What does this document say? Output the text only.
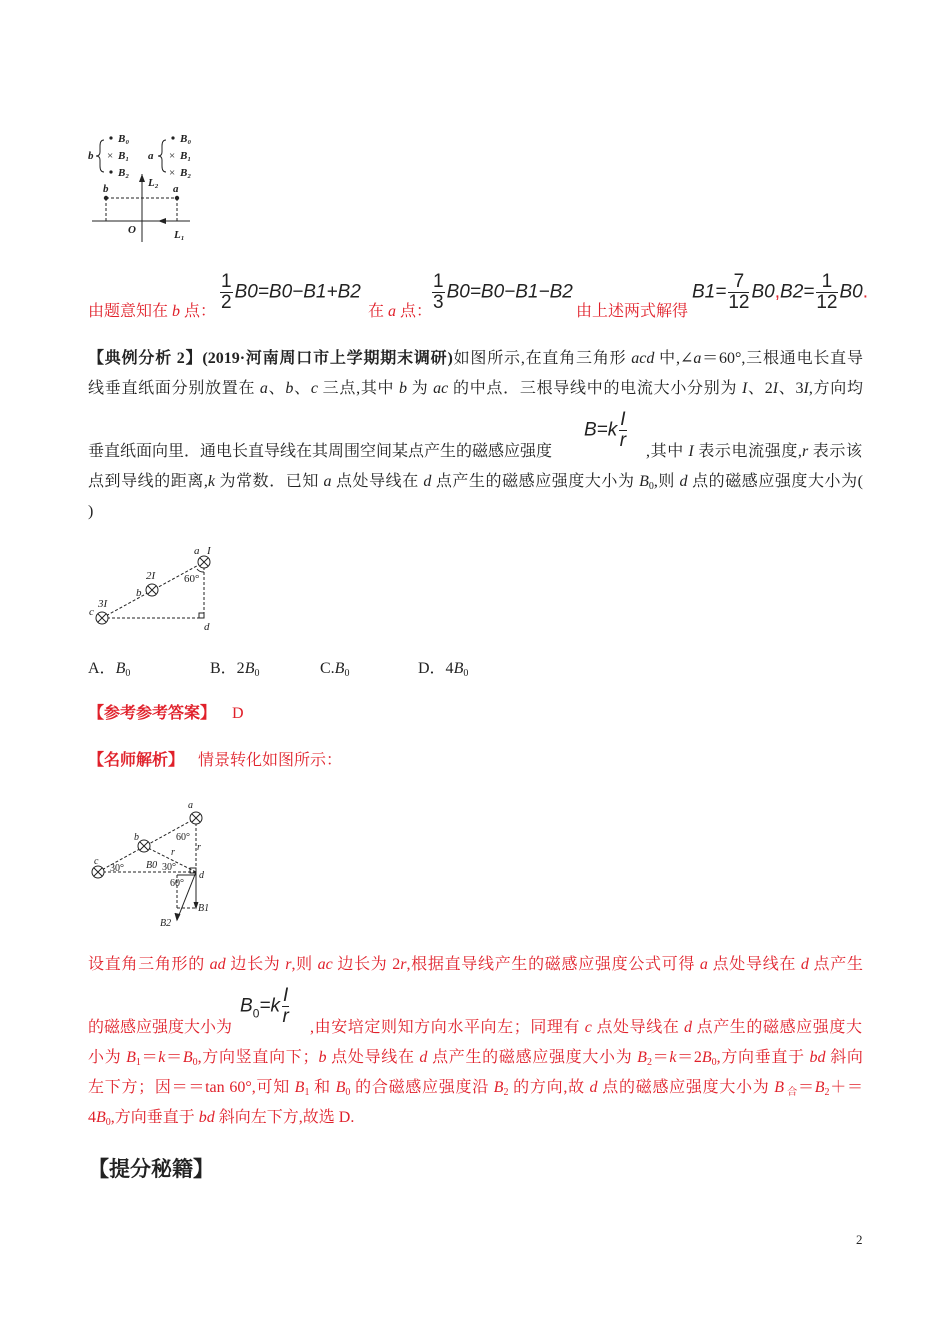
b
B₀
× B₁
B₂
a
B₀
× B₁
× B₂
L₂
b	a
O	L₁
由题意知在 b 点： $\frac{1}{2} B0=B0-B1+B2$
在 a 点： $\frac{1}{3} B0=B0-B1-B2$
由上述两式解得
$B1= \frac{7}{12} B0,B2= \frac{1}{12} B0$.
【典例分析 2】(2019·河南周口市上学期期末调研)如图所示,在直角三角形 acd 中,∠a＝60°,三根通电长直导
线垂直纸面分别放置在 a、b、c 三点,其中 b 为 ac 的中点．三根导线中的电流大小分别为 I、2I、3I,方向均
垂直纸面向里．通电长直导线在其周围空间某点产生的磁感应强度
$B=k \frac{I}{r}$
,其中 I 表示电流强度,r 表示该
点到导线的距离,k 为常数．已知 a 点处导线在 d 点产生的磁感应强度大小为 $B_0$,则 d 点的磁感应强度大小为(
)
a I
b
2I
c
3I
d
60°
A．$B_0$	B．$2B_0$	$C.B_0$	D．$4B_0$
【参考参考答案】 D
【名师解析】 情景转化如图所示：
a
b
c
d
60°
30° B0 30°
r r
60°
B1
B2
设直角三角形的 ad 边长为 r,则 ac 边长为 2r,根据直导线产生的磁感应强度公式可得 a 点处导线在 d 点产生
的磁感应强度大小为
$B_0=k \frac{I}{r}$
,由安培定则知方向水平向左；同理有 c 点处导线在 d 点产生的磁感应强度大
小为 $B_1=k=B_0$,方向竖直向下；b 点处导线在 d 点产生的磁感应强度大小为 $B_2=k=2B_0$,方向垂直于 bd 斜向
左下方；因＝＝tan 60°,可知 $B_1$ 和 $B_0$ 的合磁感应强度沿 $B_2$ 的方向,故 d 点的磁感应强度大小为 B $_合=B_2+=$
$4B_0$,方向垂直于 bd 斜向左下方,故选 D.
【提分秘籍】
2
